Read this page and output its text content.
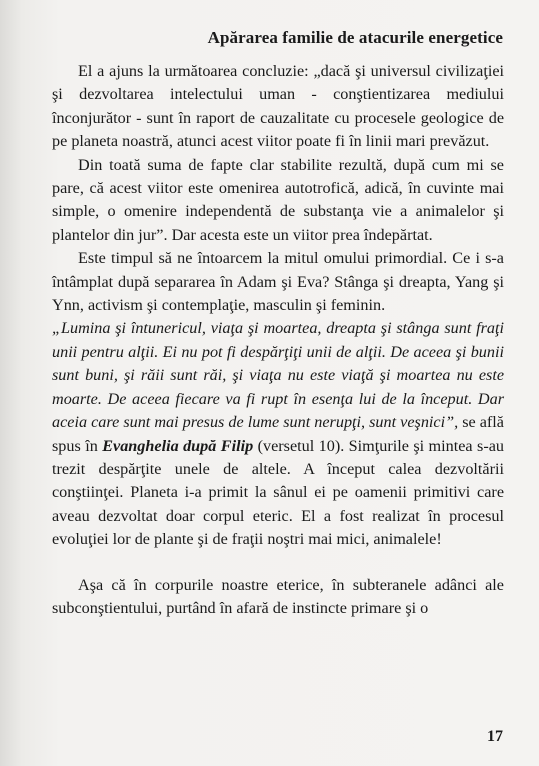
Apărarea familie de atacurile energetice

El a ajuns la următoarea concluzie: „dacă şi universul civilizaţiei şi dezvoltarea intelectului uman - conştientizarea mediului înconjurător - sunt în raport de cauzalitate cu procesele geologice de pe planeta noastră, atunci acest viitor poate fi în linii mari prevăzut.

Din toată suma de fapte clar stabilite rezultă, după cum mi se pare, că acest viitor este omenirea autotrofică, adică, în cuvinte mai simple, o omenire independentă de substanţa vie a animalelor şi plantelor din jur”. Dar acesta este un viitor prea îndepărtat.

Este timpul să ne întoarcem la mitul omului primordial. Ce i s-a întâmplat după separarea în Adam şi Eva? Stânga şi dreapta, Yang şi Ynn, activism şi contemplaţie, masculin şi feminin.

„Lumina şi întunericul, viaţa şi moartea, dreapta şi stânga sunt fraţi unii pentru alţii. Ei nu pot fi despărţiţi unii de alţii. De aceea şi bunii sunt buni, şi răii sunt răi, şi viaţa nu este viaţă şi moartea nu este moarte. De aceea fiecare va fi rupt în esenţa lui de la început. Dar aceia care sunt mai presus de lume sunt nerupţi, sunt veşnici”, se află spus în Evanghelia după Filip (versetul 10). Simţurile şi mintea s-au trezit despărţite unele de altele. A început calea dezvoltării conştiinţei. Planeta i-a primit la sânul ei pe oamenii primitivi care aveau dezvoltat doar corpul eteric. El a fost realizat în procesul evoluţiei lor de plante şi de fraţii noştri mai mici, animalele!

Aşa că în corpurile noastre eterice, în subteranele adânci ale subconştientului, purtând în afară de instincte primare şi o

17
